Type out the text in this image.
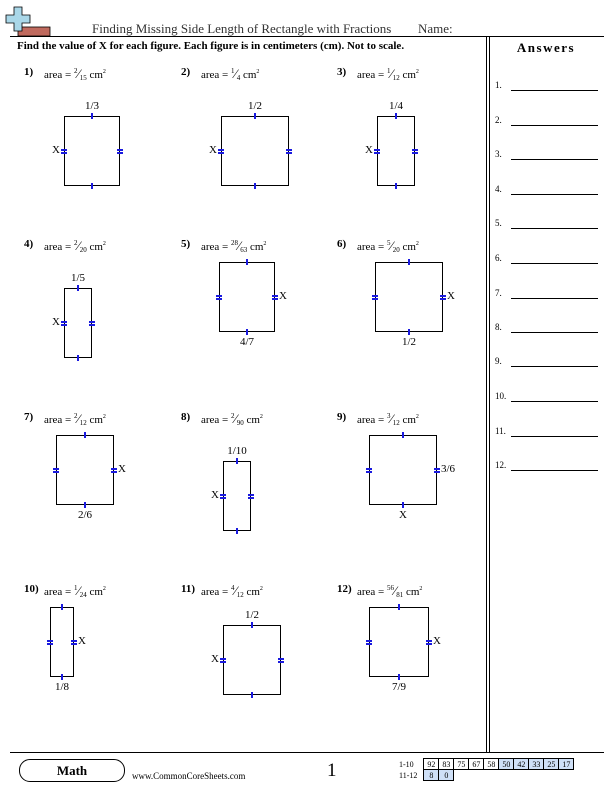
Finding Missing Side Length of Rectangle with Fractions Name:
Find the value of X for each figure. Each figure is in centimeters (cm). Not to scale.	Answers
1.
2.
3.
4.
5.
6.
7.
8.
9.
10.
11.
12.
1) area = $^2$⁄15 $cm^2$
1/3
X
2) area = $^1$⁄4 $cm^2$
1/2
X
3) area = $^1$⁄12 $cm^2$
1/4
X
4) area = $^2$⁄20 $cm^2$
1/5
X
5) area = $^{28}$⁄63 $cm^2$
4/7
X
6) area = $^5$⁄20 $cm^2$
1/2
X
7) area = $^2$⁄12 $cm^2$
2/6
X
8) area = $^2$⁄90 $cm^2$
1/10
X
9) area = $^3$⁄12 $cm^2$
X
3/6
10) area = $^1$⁄24 $cm^2$
1/8
X
11) area = $^4$⁄12 $cm^2$
1/2
X
12) area = $^{56}$⁄81 $cm^2$
7/9
X
Math	www.CommonCoreSheets.com	1	1-10	92	83	75	67	58	50	42	33	25	17
11-12	8	0								
